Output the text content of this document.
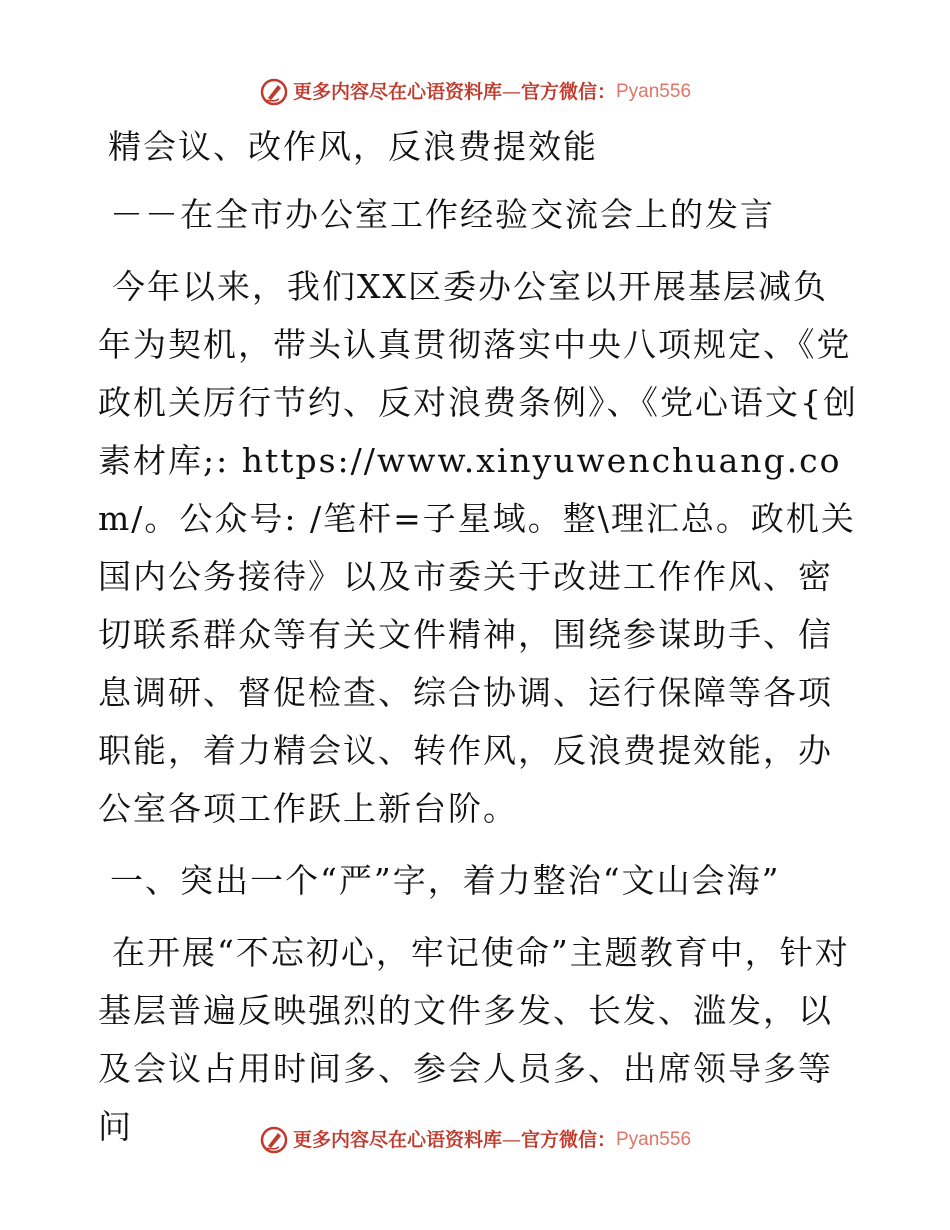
更多内容尽在心语资料库—官方微信：Pyan556

精会议、改作风，反浪费提效能

－－在全市办公室工作经验交流会上的发言

今年以来，我们XX区委办公室以开展基层减负年为契机，带头认真贯彻落实中央八项规定、《党政机关厉行节约、反对浪费条例》、《党心语文{创素材库;: https://www.xinyuwenchuang.com/。公众号: /笔杆=子星域。整\理汇总。政机关国内公务接待》以及市委关于改进工作作风、密切联系群众等有关文件精神，围绕参谋助手、信息调研、督促检查、综合协调、运行保障等各项职能，着力精会议、转作风，反浪费提效能，办公室各项工作跃上新台阶。

一、突出一个“严”字，着力整治“文山会海”

在开展“不忘初心，牢记使命”主题教育中，针对基层普遍反映强烈的文件多发、长发、滥发，以及会议占用时间多、参会人员多、出席领导多等问	更多内容尽在心语资料库—官方微信：Pyan556
